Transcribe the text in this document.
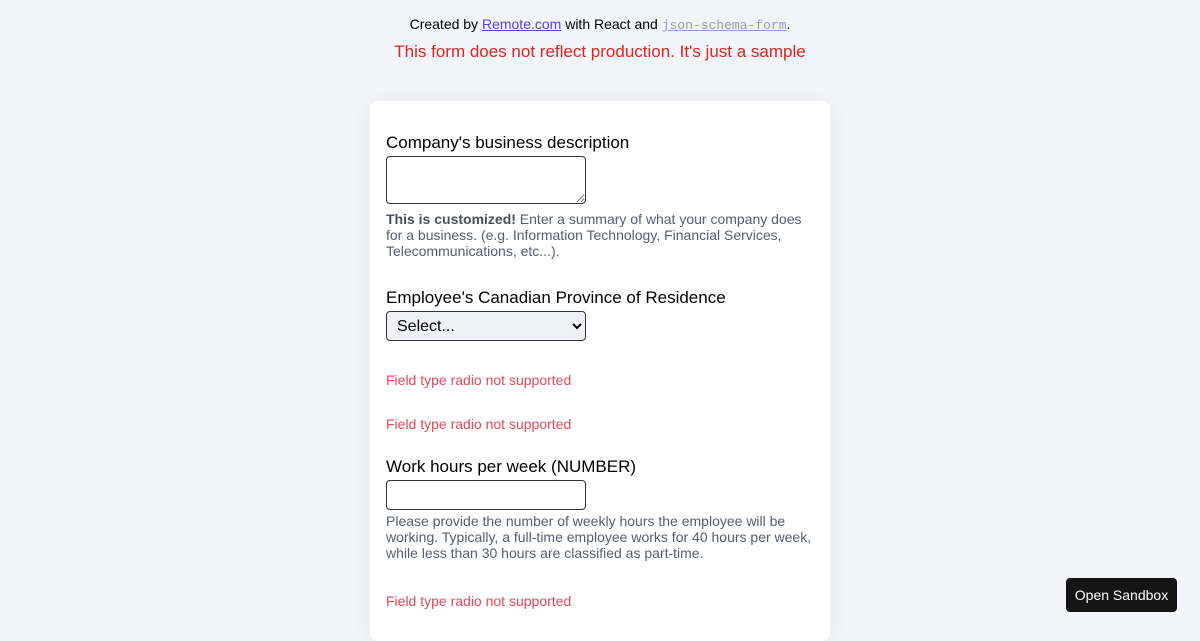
Created by Remote.com with React and json-schema-form.
This form does not reflect production. It's just a sample
Company's business description
This is customized! Enter a summary of what your company does for a business. (e.g. Information Technology, Financial Services, Telecommunications, etc...).
Employee's Canadian Province of Residence
Select...
Field type radio not supported
Field type radio not supported
Work hours per week (NUMBER)
Please provide the number of weekly hours the employee will be working. Typically, a full-time employee works for 40 hours per week, while less than 30 hours are classified as part-time.
Field type radio not supported	Open Sandbox
